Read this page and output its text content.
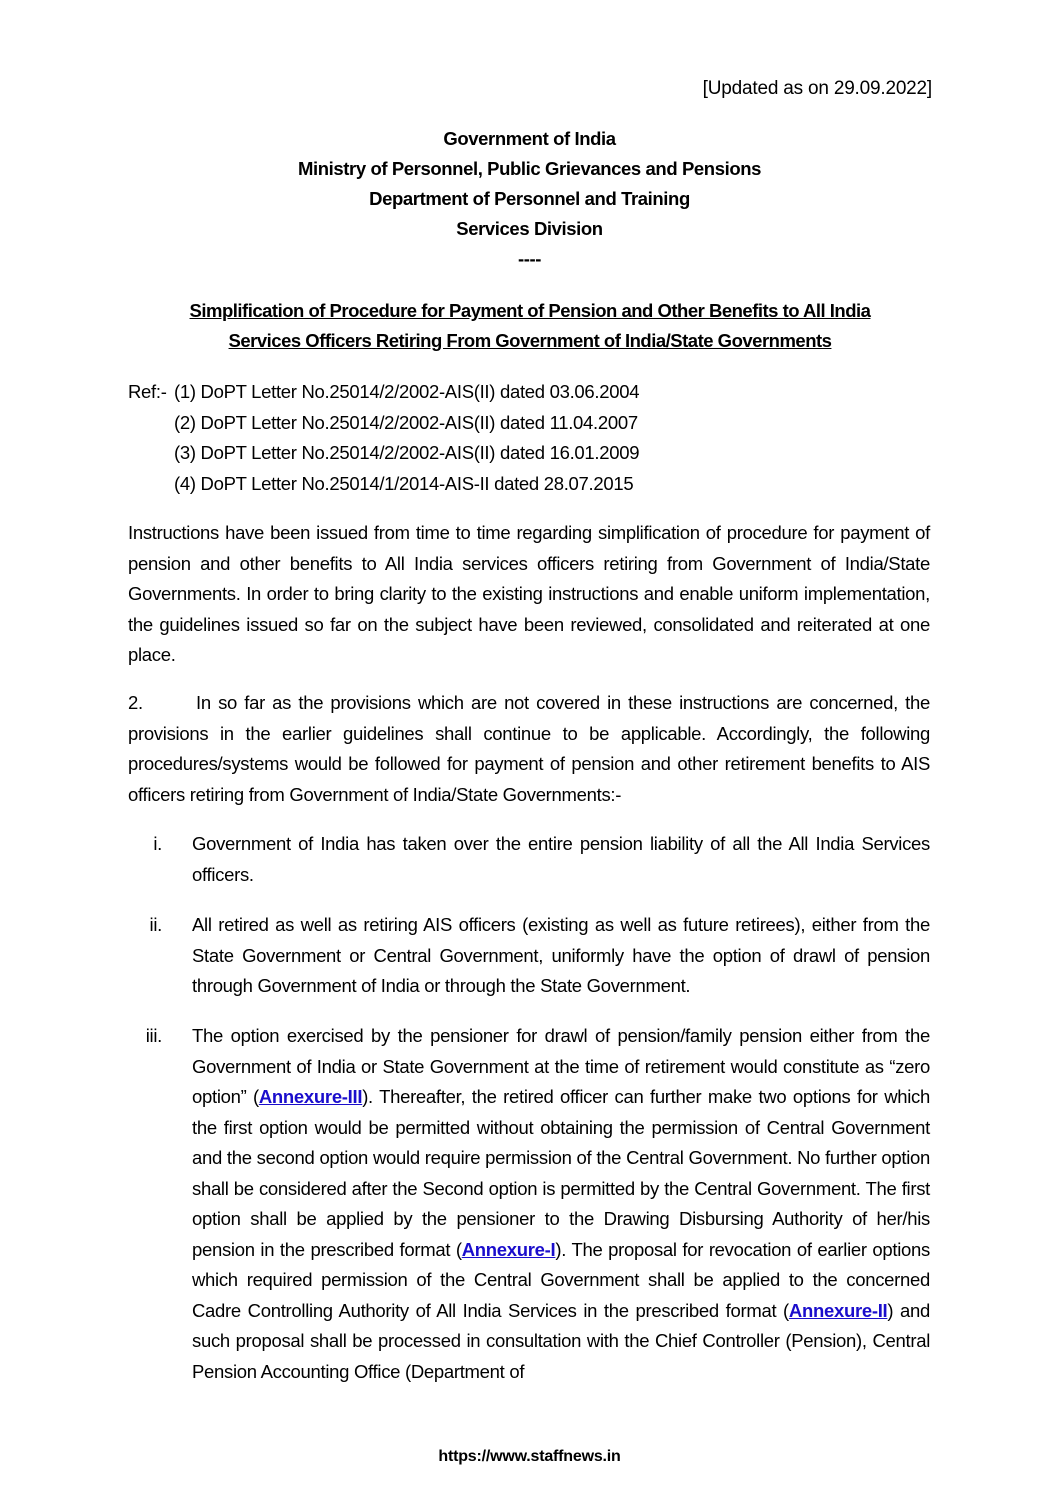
[Updated as on 29.09.2022]
Government of India
Ministry of Personnel, Public Grievances and Pensions
Department of Personnel and Training
Services Division
----
Simplification of Procedure for Payment of Pension and Other Benefits to All India
Services Officers Retiring From Government of India/State Governments
Ref:- (1) DoPT Letter No.25014/2/2002-AIS(II) dated 03.06.2004
(2) DoPT Letter No.25014/2/2002-AIS(II) dated 11.04.2007
(3) DoPT Letter No.25014/2/2002-AIS(II) dated 16.01.2009
(4) DoPT Letter No.25014/1/2014-AIS-II dated 28.07.2015
Instructions have been issued from time to time regarding simplification of procedure for payment of pension and other benefits to All India services officers retiring from Government of India/State Governments. In order to bring clarity to the existing instructions and enable uniform implementation, the guidelines issued so far on the subject have been reviewed, consolidated and reiterated at one place.
2.	In so far as the provisions which are not covered in these instructions are concerned, the provisions in the earlier guidelines shall continue to be applicable. Accordingly, the following procedures/systems would be followed for payment of pension and other retirement benefits to AIS officers retiring from Government of India/State Governments:-
i. Government of India has taken over the entire pension liability of all the All India Services officers.
ii. All retired as well as retiring AIS officers (existing as well as future retirees), either from the State Government or Central Government, uniformly have the option of drawl of pension through Government of India or through the State Government.
iii. The option exercised by the pensioner for drawl of pension/family pension either from the Government of India or State Government at the time of retirement would constitute as “zero option” (Annexure-III). Thereafter, the retired officer can further make two options for which the first option would be permitted without obtaining the permission of Central Government and the second option would require permission of the Central Government. No further option shall be considered after the Second option is permitted by the Central Government. The first option shall be applied by the pensioner to the Drawing Disbursing Authority of her/his pension in the prescribed format (Annexure-I). The proposal for revocation of earlier options which required permission of the Central Government shall be applied to the concerned Cadre Controlling Authority of All India Services in the prescribed format (Annexure-II) and such proposal shall be processed in consultation with the Chief Controller (Pension), Central Pension Accounting Office (Department of
https://www.staffnews.in
